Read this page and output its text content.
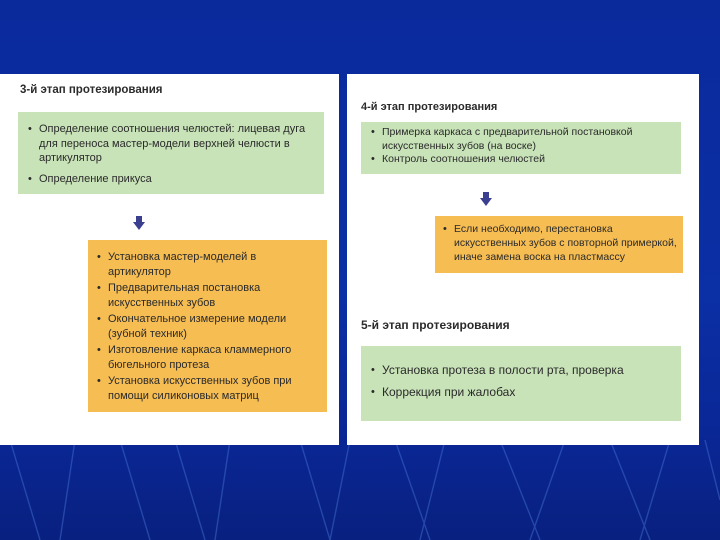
3-й этап протезирования
• Определение соотношения челюстей: лицевая дуга для переноса мастер-модели верхней челюсти в артикулятор
• Определение прикуса
• Установка мастер-моделей в артикулятор
• Предварительная постановка искусственных зубов
• Окончательное измерение модели (зубной техник)
• Изготовление каркаса кламмерного бюгельного протеза
• Установка искусственных зубов при помощи силиконовых матриц
4-й этап протезирования
• Примерка каркаса с предварительной постановкой искусственных зубов (на воске)
• Контроль соотношения челюстей
• Если необходимо, перестановка искусственных зубов с повторной примеркой, иначе замена воска на пластмассу
5-й этап протезирования
• Установка протеза в полости рта, проверка
• Коррекция при жалобах
